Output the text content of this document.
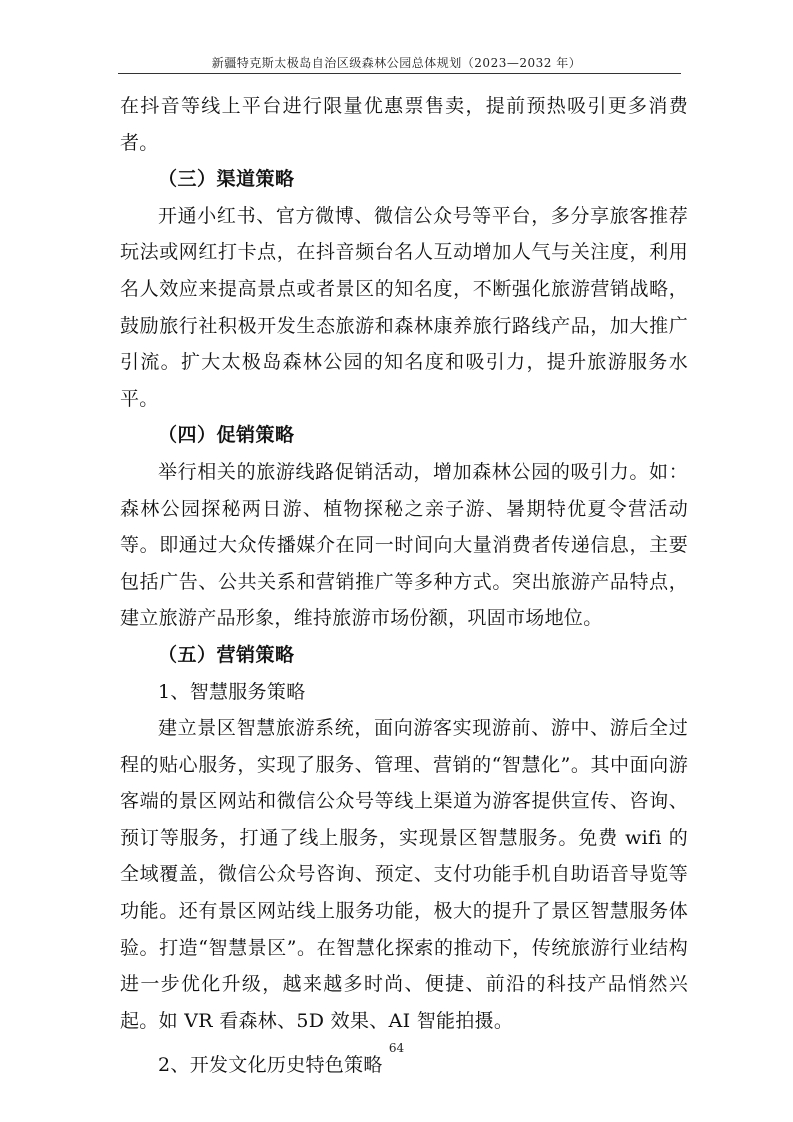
新疆特克斯太极岛自治区级森林公园总体规划（2023—2032 年）

在抖音等线上平台进行限量优惠票售卖，提前预热吸引更多消费者。

（三）渠道策略

开通小红书、官方微博、微信公众号等平台，多分享旅客推荐玩法或网红打卡点，在抖音频台名人互动增加人气与关注度，利用名人效应来提高景点或者景区的知名度，不断强化旅游营销战略，鼓励旅行社积极开发生态旅游和森林康养旅行路线产品，加大推广引流。扩大太极岛森林公园的知名度和吸引力，提升旅游服务水平。

（四）促销策略

举行相关的旅游线路促销活动，增加森林公园的吸引力。如：森林公园探秘两日游、植物探秘之亲子游、暑期特优夏令营活动等。即通过大众传播媒介在同一时间向大量消费者传递信息，主要包括广告、公共关系和营销推广等多种方式。突出旅游产品特点，建立旅游产品形象，维持旅游市场份额，巩固市场地位。

（五）营销策略

1、智慧服务策略

建立景区智慧旅游系统，面向游客实现游前、游中、游后全过程的贴心服务，实现了服务、管理、营销的“智慧化”。其中面向游客端的景区网站和微信公众号等线上渠道为游客提供宣传、咨询、预订等服务，打通了线上服务，实现景区智慧服务。免费 wifi 的全域覆盖，微信公众号咨询、预定、支付功能手机自助语音导览等功能。还有景区网站线上服务功能，极大的提升了景区智慧服务体验。打造“智慧景区”。在智慧化探索的推动下，传统旅游行业结构进一步优化升级，越来越多时尚、便捷、前沿的科技产品悄然兴起。如 VR 看森林、5D 效果、AI 智能拍摄。

2、开发文化历史特色策略

64
